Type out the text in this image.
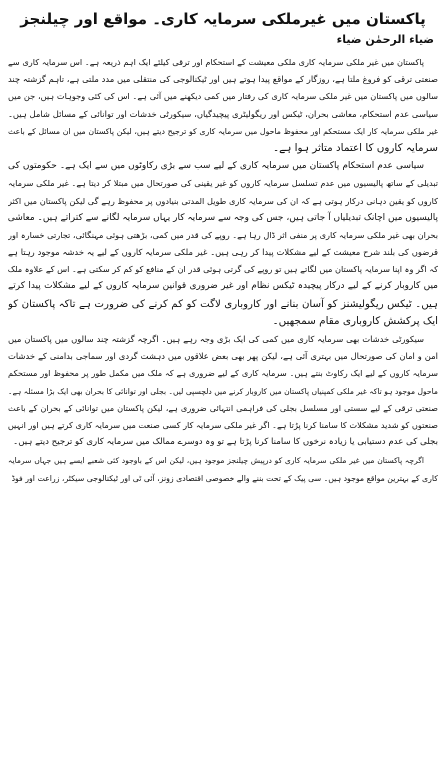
پاکستان میں غیرملکی سرمایہ کاری۔ مواقع اور چیلنجز
ضیاء الرحمٰن ضیاء
پاکستان میں غیر ملکی سرمایہ کاری ملکی معیشت کے استحکام اور ترقی کیلئے ایک اہم ذریعہ ہے۔ اس سرمایہ کاری سے
صنعتی ترقی کو فروغ ملتا ہے، روزگار کے مواقع پیدا ہوتے ہیں اور ٹیکنالوجی کی منتقلی میں مدد ملتی ہے، تاہم گزشتہ چند
سالوں میں پاکستان میں غیر ملکی سرمایہ کاری کی رفتار میں کمی دیکھنے میں آئی ہے۔ اس کی کئی وجوہات ہیں، جن میں
سیاسی عدم استحکام، معاشی بحران، ٹیکس اور ریگولیٹری پیچیدگیاں، سیکورٹی خدشات اور توانائی کے مسائل شامل ہیں۔
غیر ملکی سرمایہ کار ایک مستحکم اور محفوظ ماحول میں سرمایہ کاری کو ترجیح دیتے ہیں، لیکن پاکستان میں ان مسائل کے باعث
سرمایہ کاروں کا اعتماد متاثر ہوا ہے۔
سیاسی عدم استحکام پاکستان میں سرمایہ کاری کے لیے سب سے بڑی رکاوٹوں میں سے ایک ہے۔ حکومتوں کی
تبدیلی کے ساتھ پالیسیوں میں عدم تسلسل سرمایہ کاروں کو غیر یقینی کی صورتحال میں مبتلا کر دیتا ہے۔ غیر ملکی سرمایہ
کاروں کو یقین دہانی درکار ہوتی ہے کہ ان کی سرمایہ کاری طویل المدتی بنیادوں پر محفوظ رہے گی لیکن پاکستان میں اکثر
پالیسیوں میں اچانک تبدیلیاں آ جاتی ہیں، جس کی وجہ سے سرمایہ کار یہاں سرمایہ لگانے سے کتراتے ہیں۔ معاشی
بحران بھی غیر ملکی سرمایہ کاری پر منفی اثر ڈال رہا ہے۔ روپے کی قدر میں کمی، بڑھتی ہوئی مہنگائی، تجارتی خسارہ اور
قرضوں کی بلند شرح معیشت کے لیے مشکلات پیدا کر رہی ہیں۔ غیر ملکی سرمایہ کاروں کے لیے یہ خدشہ موجود رہتا ہے
کہ اگر وہ اپنا سرمایہ پاکستان میں لگاتے ہیں تو روپے کی گرتی ہوئی قدر ان کے منافع کو کم کر سکتی ہے۔ اس کے علاوہ ملک
میں کاروبار کرنے کے لیے درکار پیچیدہ ٹیکس نظام اور غیر ضروری قوانین سرمایہ کاروں کے لیے مشکلات پیدا کرتے
ہیں۔ ٹیکس ریگولیشنز کو آسان بنانے اور کاروباری لاگت کو کم کرنے کی ضرورت ہے تاکہ پاکستان کو
ایک پرکشش کاروباری مقام سمجھیں۔
سیکورٹی خدشات بھی سرمایہ کاری میں کمی کی ایک بڑی وجہ رہے ہیں۔ اگرچہ گزشتہ چند سالوں میں پاکستان میں
امن و امان کی صورتحال میں بہتری آئی ہے، لیکن پھر بھی بعض علاقوں میں دہشت گردی اور سماجی بدامنی کے خدشات
سرمایہ کاروں کے لیے ایک رکاوٹ بنتے ہیں۔ سرمایہ کاری کے لیے ضروری ہے کہ ملک میں مکمل طور پر محفوظ اور مستحکم
ماحول موجود ہو تاکہ غیر ملکی کمپنیاں پاکستان میں کاروبار کرنے میں دلچسپی لیں۔ بجلی اور توانائی کا بحران بھی ایک بڑا مسئلہ ہے۔
صنعتی ترقی کے لیے سستی اور مسلسل بجلی کی فراہمی انتہائی ضروری ہے، لیکن پاکستان میں توانائی کے بحران کے باعث
صنعتوں کو شدید مشکلات کا سامنا کرنا پڑتا ہے۔ اگر غیر ملکی سرمایہ کار کسی صنعت میں سرمایہ کاری کرتے ہیں اور انہیں
بجلی کی عدم دستیابی یا زیادہ نرخوں کا سامنا کرنا پڑتا ہے تو وہ دوسرے ممالک میں سرمایہ کاری کو ترجیح دیتے ہیں۔
اگرچہ پاکستان میں غیر ملکی سرمایہ کاری کو درپیش چیلنجز موجود ہیں، لیکن اس کے باوجود کئی شعبے ایسے ہیں جہاں سرمایہ
کاری کے بہترین مواقع موجود ہیں۔ سی پیک کے تحت بننے والے خصوصی اقتصادی زونز، آئی ٹی اور ٹیکنالوجی سیکٹر، زراعت اور فوڈ
